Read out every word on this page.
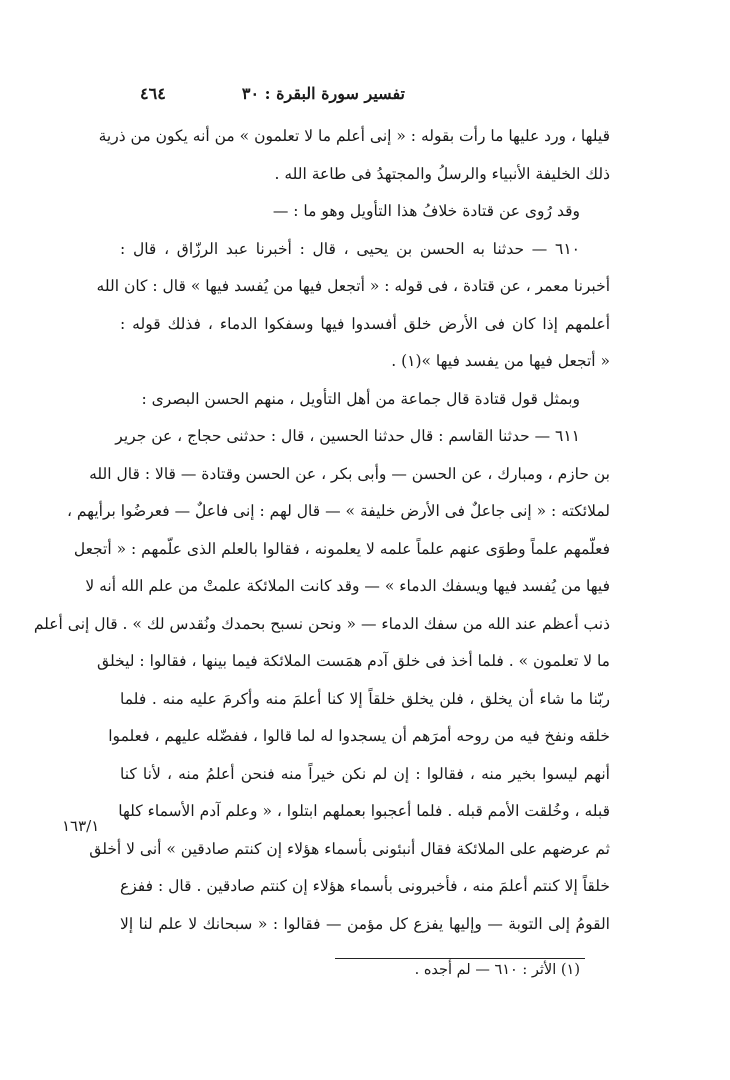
تفسير سورة البقرة : ٣٠
٤٦٤
قيلها ، ورد عليها ما رأت بقوله : « إنى أعلم ما لا تعلمون » من أنه يكون من ذرية
ذلك الخليفة الأنبياء والرسلُ والمجتهدُ فى طاعة الله .
وقد رُوى عن قتادة خلافُ هذا التأويل وهو ما : —
٦١٠ — حدثنا به الحسن بن يحيى ، قال : أخبرنا عبد الرزّاق ، قال :
أخبرنا معمر ، عن قتادة ، فى قوله : « أتجعل فيها من يُفسد فيها » قال : كان الله
أعلمهم إذا كان فى الأرض خلق أفسدوا فيها وسفكوا الدماء ، فذلك قوله :
« أتجعل فيها من يفسد فيها »(١) .
وبمثل قول قتادة قال جماعة من أهل التأويل ، منهم الحسن البصرى :
٦١١ — حدثنا القاسم : قال حدثنا الحسين ، قال : حدثنى حجاج ، عن جرير
بن حازم ، ومبارك ، عن الحسن — وأبى بكر ، عن الحسن وقتادة — قالا : قال الله
لملائكته : « إنى جاعلٌ فى الأرض خليفة » — قال لهم : إنى فاعلٌ — فعرضُوا برأيهم ،
فعلّمهم علماً وطوَى عنهم علماً علمه لا يعلمونه ، فقالوا بالعلم الذى علّمهم : « أتجعل
فيها من يُفسد فيها ويسفك الدماء » — وقد كانت الملائكة علمتْ من علم الله أنه لا
ذنب أعظم عند الله من سفك الدماء — « ونحن نسبح بحمدك ونُقدس لك » . قال إنى أعلم
ما لا تعلمون » . فلما أخذ فى خلق آدم همَست الملائكة فيما بينها ، فقالوا : ليخلق
ربّنا ما شاء أن يخلق ، فلن يخلق خلقاً إلا كنا أعلمَ منه وأكرمَ عليه منه . فلما
خلقه ونفخ فيه من روحه أمرَهم أن يسجدوا له لما قالوا ، ففضّله عليهم ، فعلموا
أنهم ليسوا بخير منه ، فقالوا : إن لم نكن خيراً منه فنحن أعلمُ منه ، لأنا كنا
قبله ، وخُلقت الأمم قبله . فلما أعجبوا بعملهم ابتلوا ، « وعلم آدم الأسماء كلها
ثم عرضهم على الملائكة فقال أنبئونى بأسماء هؤلاء إن كنتم صادقين » أنى لا أخلق
خلقاً إلا كنتم أعلمَ منه ، فأخبرونى بأسماء هؤلاء إن كنتم صادقين . قال : ففزع
القومُ إلى التوبة — وإليها يفزع كل مؤمن — فقالوا : « سبحانك لا علم لنا إلا
١٦٣/١
(١) الأثر : ٦١٠ — لم أجده .
